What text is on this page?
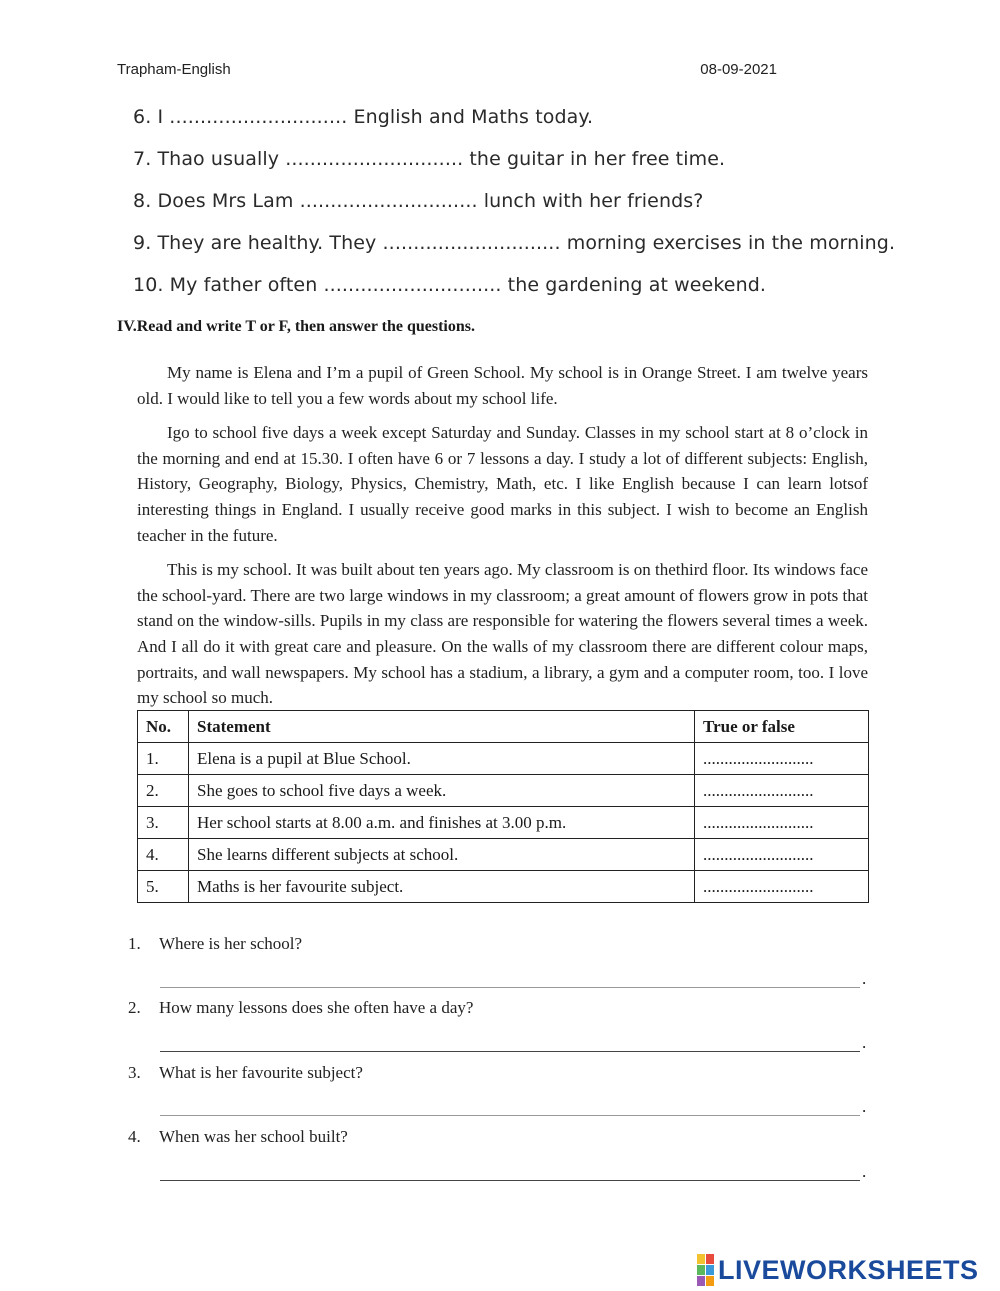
Trapham-English	08-09-2021
6. I ............................. English and Maths today.
7. Thao usually ............................. the guitar in her free time.
8. Does Mrs Lam ............................. lunch with her friends?
9. They are healthy. They ............................. morning exercises in the morning.
10. My father often ............................. the gardening at weekend.
IV.Read and write T or F, then answer the questions.

My name is Elena and I’m a pupil of Green School. My school is in Orange Street. I am twelve years old. I would like to tell you a few words about my school life.

Igo to school five days a week except Saturday and Sunday. Classes in my school start at 8 o’clock in the morning and end at 15.30. I often have 6 or 7 lessons a day. I study a lot of different subjects: English, History, Geography, Biology, Physics, Chemistry, Math, etc. I like English because I can learn lotsof interesting things in England. I usually receive good marks in this subject. I wish to become an English teacher in the future.

This is my school. It was built about ten years ago. My classroom is on thethird floor. Its windows face the school-yard. There are two large windows in my classroom; a great amount of flowers grow in pots that stand on the window-sills. Pupils in my class are responsible for watering the flowers several times a week. And I all do it with great care and pleasure. On the walls of my classroom there are different colour maps, portraits, and wall newspapers. My school has a stadium, a library, a gym and a computer room, too. I love my school so much.

No.	Statement	True or false
1.	Elena is a pupil at Blue School.	..........................
2.	She goes to school five days a week.	..........................
3.	Her school starts at 8.00 a.m. and finishes at 3.00 p.m.	..........................
4.	She learns different subjects at school.	..........................
5.	Maths is her favourite subject.	..........................
1. Where is her school?
.
2. How many lessons does she often have a day?
.
3. What is her favourite subject?
.
4. When was her school built?
.
LIVEWORKSHEETS
